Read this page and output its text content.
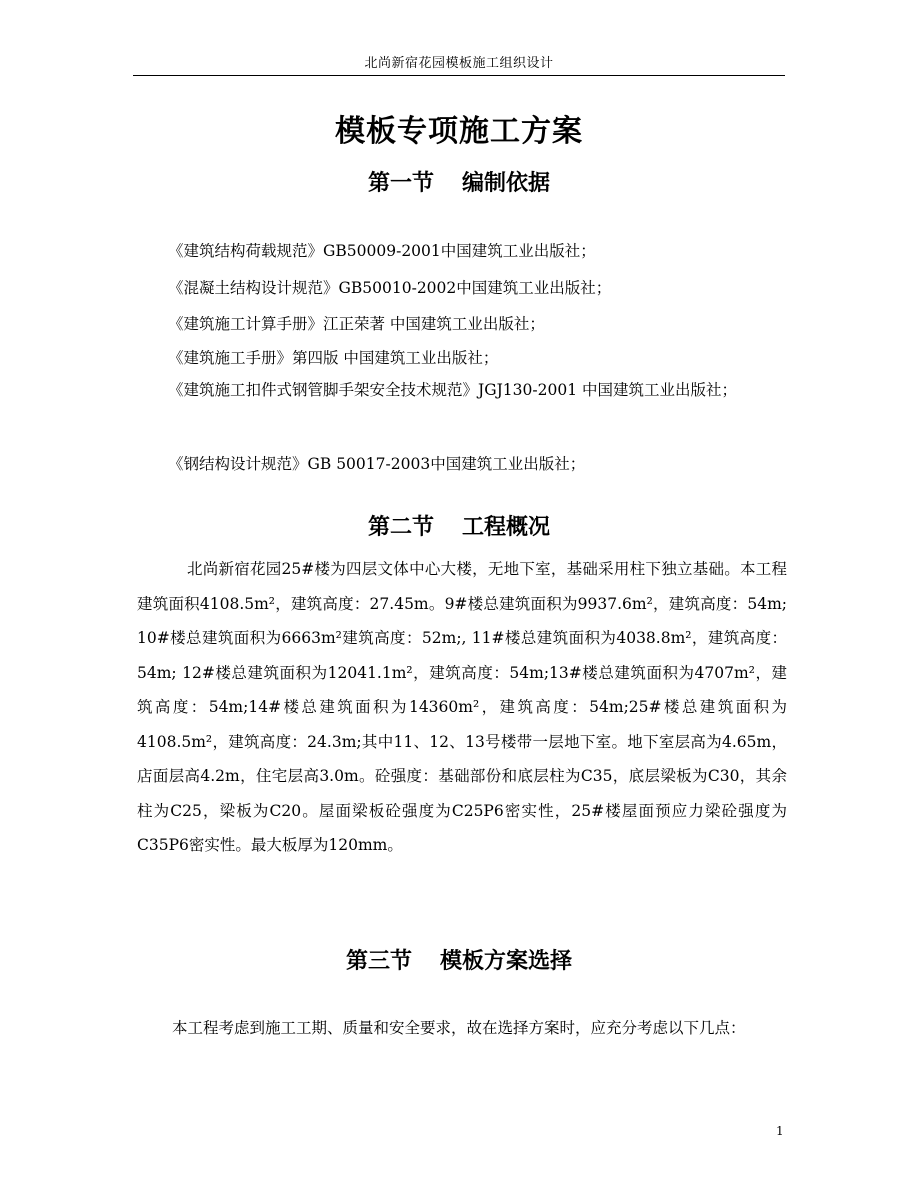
北尚新宿花园模板施工组织设计
模板专项施工方案
第一节 编制依据
《建筑结构荷载规范》GB50009-2001中国建筑工业出版社；
《混凝土结构设计规范》GB50010-2002中国建筑工业出版社；
《建筑施工计算手册》江正荣著 中国建筑工业出版社；
《建筑施工手册》第四版 中国建筑工业出版社；
《建筑施工扣件式钢管脚手架安全技术规范》JGJ130-2001 中国建筑工业出版社；
《钢结构设计规范》GB 50017-2003中国建筑工业出版社；
第二节 工程概况
北尚新宿花园25#楼为四层文体中心大楼，无地下室，基础采用柱下独立基础。本工程建筑面积4108.5m²，建筑高度：27.45m。9#楼总建筑面积为9937.6m²，建筑高度：54m; 10#楼总建筑面积为6663m²建筑高度：52m;, 11#楼总建筑面积为4038.8m²，建筑高度：54m; 12#楼总建筑面积为12041.1m²，建筑高度：54m;13#楼总建筑面积为4707m²，建筑高度：54m;14#楼总建筑面积为14360m²，建筑高度：54m;25#楼总建筑面积为4108.5m²，建筑高度：24.3m;其中11、12、13号楼带一层地下室。地下室层高为4.65m，店面层高4.2m，住宅层高3.0m。砼强度：基础部份和底层柱为C35，底层梁板为C30，其余柱为C25，梁板为C20。屋面梁板砼强度为C25P6密实性，25#楼屋面预应力梁砼强度为C35P6密实性。最大板厚为120mm。
第三节 模板方案选择
本工程考虑到施工工期、质量和安全要求，故在选择方案时，应充分考虑以下几点：
1
